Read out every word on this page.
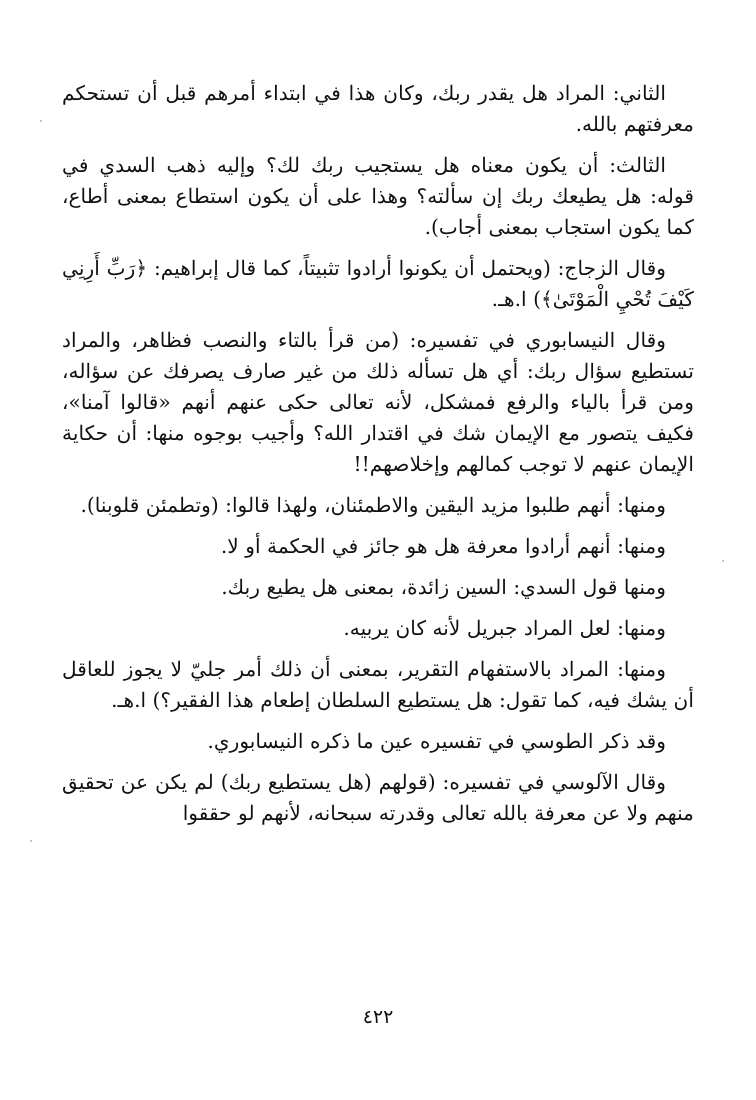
الثاني: المراد هل يقدر ربك، وكان هذا في ابتداء أمرهم قبل أن تستحكم معرفتهم بالله.

الثالث: أن يكون معناه هل يستجيب ربك لك؟ وإليه ذهب السدي في قوله: هل يطيعك ربك إن سألته؟ وهذا على أن يكون استطاع بمعنى أطاع، كما يكون استجاب بمعنى أجاب).

وقال الزجاج: (ويحتمل أن يكونوا أرادوا تثبيتاً، كما قال إبراهيم: ﴿رَبِّ أَرِنِي كَيْفَ تُحْيِ الْمَوْتَىٰ﴾) ا.هـ.

وقال النيسابوري في تفسيره: (من قرأ بالتاء والنصب فظاهر، والمراد تستطيع سؤال ربك: أي هل تسأله ذلك من غير صارف يصرفك عن سؤاله، ومن قرأ بالياء والرفع فمشكل، لأنه تعالى حكى عنهم أنهم «قالوا آمنا»، فكيف يتصور مع الإيمان شك في اقتدار الله؟ وأجيب بوجوه منها: أن حكاية الإيمان عنهم لا توجب كمالهم وإخلاصهم!!

ومنها: أنهم طلبوا مزيد اليقين والاطمئنان، ولهذا قالوا: (وتطمئن قلوبنا).

ومنها: أنهم أرادوا معرفة هل هو جائز في الحكمة أو لا.

ومنها قول السدي: السين زائدة، بمعنى هل يطيع ربك.

ومنها: لعل المراد جبريل لأنه كان يربيه.

ومنها: المراد بالاستفهام التقرير، بمعنى أن ذلك أمر جليّ لا يجوز للعاقل أن يشك فيه، كما تقول: هل يستطيع السلطان إطعام هذا الفقير؟) ا.هـ.

وقد ذكر الطوسي في تفسيره عين ما ذكره النيسابوري.

وقال الآلوسي في تفسيره: (قولهم (هل يستطيع ربك) لم يكن عن تحقيق منهم ولا عن معرفة بالله تعالى وقدرته سبحانه، لأنهم لو حققوا

٤٢٢
